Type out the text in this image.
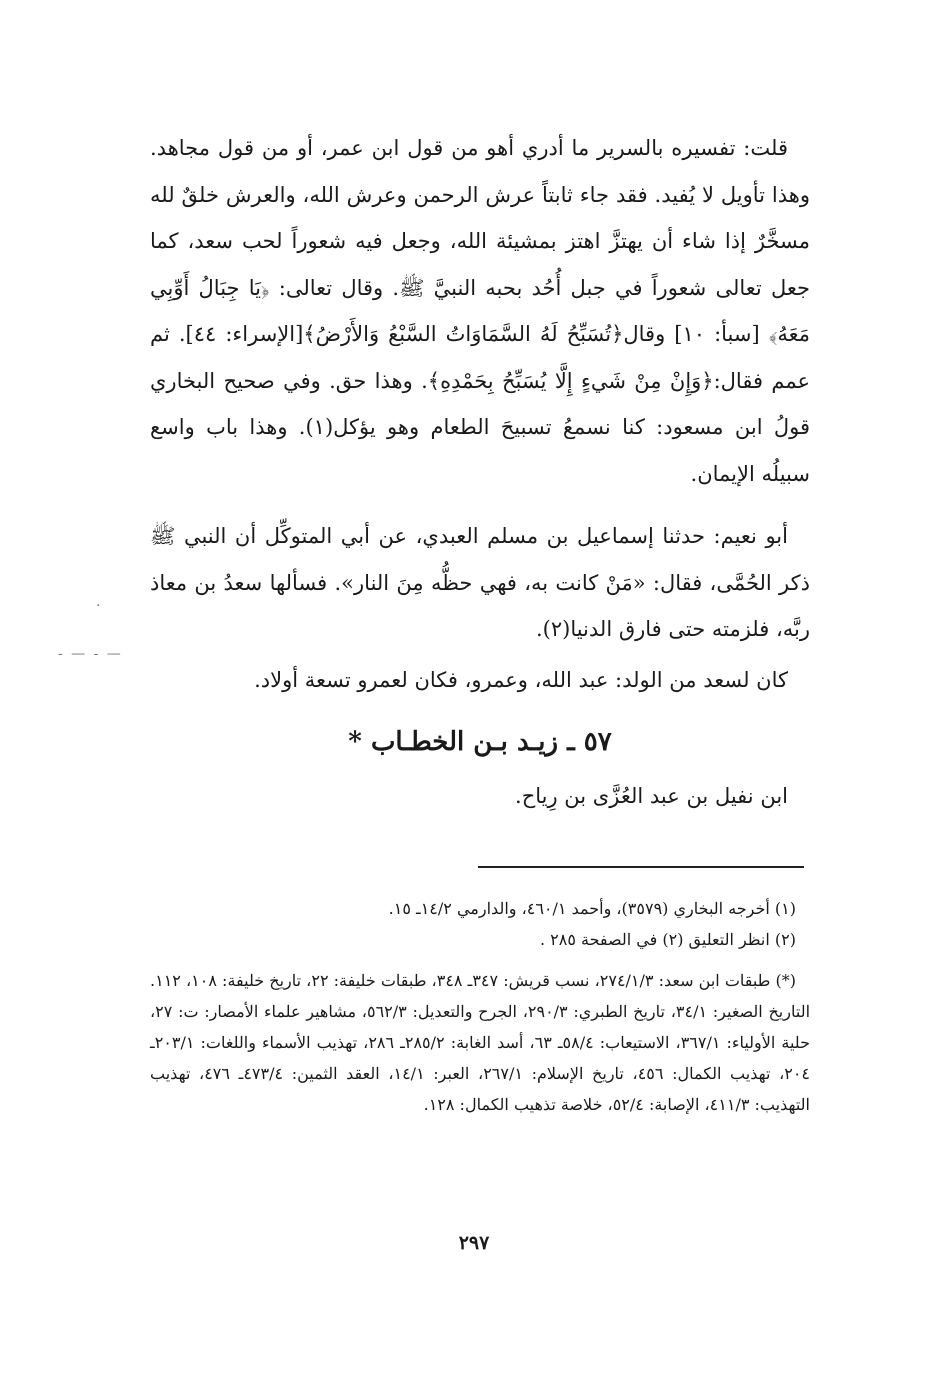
قلت: تفسيره بالسرير ما أدري أهو من قول ابن عمر، أو من قول مجاهد. وهذا تأويل لا يُفيد. فقد جاء ثابتاً عرش الرحمن وعرش الله، والعرش خلقٌ لله مسخَّرٌ إذا شاء أن يهتزَّ اهتز بمشيئة الله، وجعل فيه شعوراً لحب سعد، كما جعل تعالى شعوراً في جبل أُحُد بحبه النبيَّ ﷺ. وقال تعالى: ﴿يَا جِبَالُ أَوِّبِي مَعَهُ﴾ [سبأ: ١٠] وقال﴿تُسَبِّحُ لَهُ السَّمَاوَاتُ السَّبْعُ وَالأَرْضُ﴾[الإسراء: ٤٤]. ثم عمم فقال:﴿وَإِنْ مِنْ شَيءٍ إِلَّا يُسَبِّحُ بِحَمْدِهِ﴾. وهذا حق. وفي صحيح البخاري قولُ ابن مسعود: كنا نسمعُ تسبيحَ الطعام وهو يؤكل(١). وهذا باب واسع سبيلُه الإيمان.

أبو نعيم: حدثنا إسماعيل بن مسلم العبدي، عن أبي المتوكِّل أن النبي ﷺ ذكر الحُمَّى، فقال: «مَنْ كانت به، فهي حظُّه مِنَ النار». فسألها سعدُ بن معاذ ربَّه، فلزمته حتى فارق الدنيا(٢).

كان لسعد من الولد: عبد الله، وعمرو، فكان لعمرو تسعة أولاد.

٥٧ ـ زيـد بـن الخطـاب *

ابن نفيل بن عبد العُزَّى بن رِياح.

(١) أخرجه البخاري (٣٥٧٩)، وأحمد ٤٦٠/١، والدارمي ١٤/٢ـ ١٥.

(٢) انظر التعليق (٢) في الصفحة ٢٨٥ .

(*) طبقات ابن سعد: ٢٧٤/١/٣، نسب قريش: ٣٤٧ـ ٣٤٨، طبقات خليفة: ٢٢، تاريخ خليفة: ١٠٨، ١١٢. التاريخ الصغير: ٣٤/١، تاريخ الطبري: ٢٩٠/٣، الجرح والتعديل: ٥٦٢/٣، مشاهير علماء الأمصار: ت: ٢٧، حلية الأولياء: ٣٦٧/١، الاستيعاب: ٥٨/٤ـ ٦٣، أسد الغابة: ٢٨٥/٢ـ ٢٨٦، تهذيب الأسماء واللغات: ٢٠٣/١ـ ٢٠٤، تهذيب الكمال: ٤٥٦، تاريخ الإسلام: ٢٦٧/١، العبر: ١٤/١، العقد الثمين: ٤٧٣/٤ـ ٤٧٦، تهذيب التهذيب: ٤١١/٣، الإصابة: ٥٢/٤، خلاصة تذهيب الكمال: ١٢٨.

٢٩٧
·
- — - —
